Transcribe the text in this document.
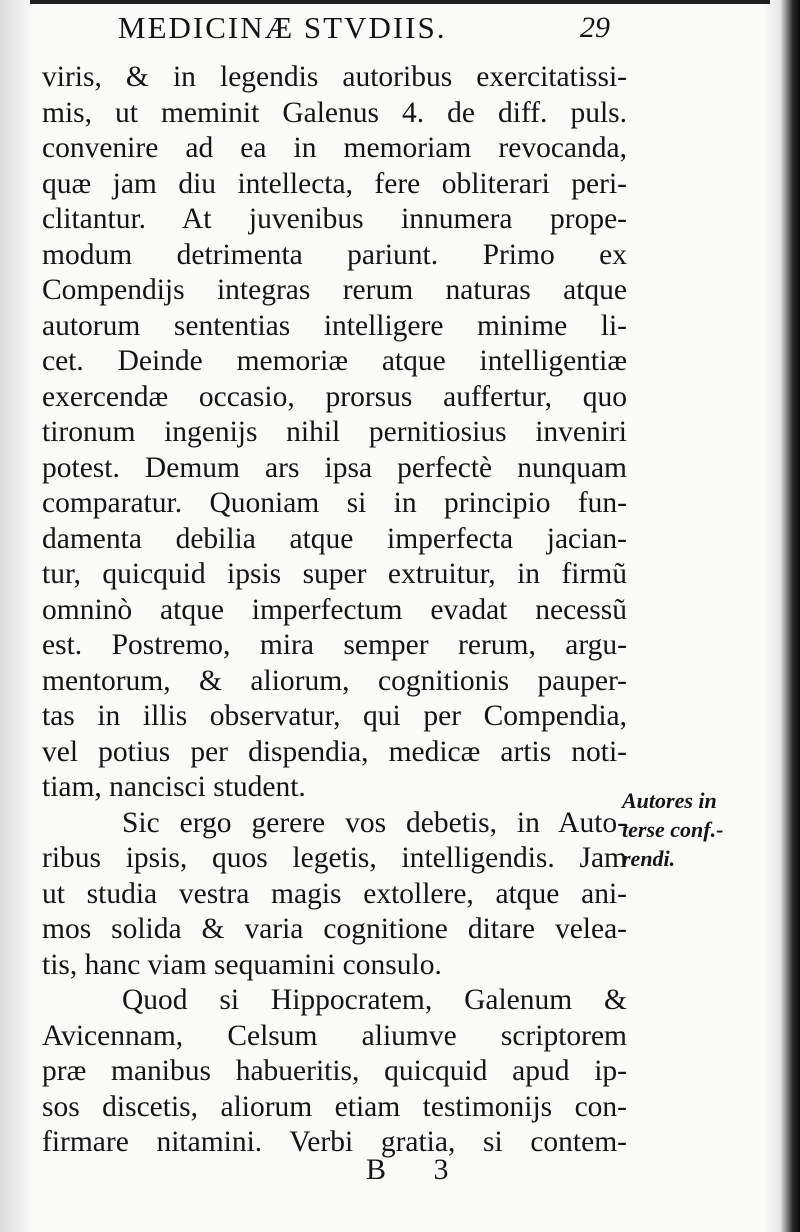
MEDICINÆ STVDIIS.	29
viris, & in legendis autoribus exercitatissi-
mis, ut meminit Galenus 4. de diff. puls.
convenire ad ea in memoriam revocanda,
quæ jam diu intellecta, fere obliterari peri-
clitantur. At juvenibus innumera prope-
modum detrimenta pariunt. Primo ex
Compendijs integras rerum naturas atque
autorum sententias intelligere minime li-
cet. Deinde memoriæ atque intelligentiæ
exercendæ occasio, prorsus auffertur, quo
tironum ingenijs nihil pernitiosius inveniri
potest. Demum ars ipsa perfectè nunquam
comparatur. Quoniam si in principio fun-
damenta debilia atque imperfecta jacian-
tur, quicquid ipsis super extruitur, in firmũ
omninò atque imperfectum evadat necessũ
est. Postremo, mira semper rerum, argu-
mentorum, & aliorum, cognitionis pauper-
tas in illis observatur, qui per Compendia,
vel potius per dispendia, medicæ artis noti-
tiam, nancisci student.
Sic ergo gerere vos debetis, in Auto-
ribus ipsis, quos legetis, intelligendis. Jam
ut studia vestra magis extollere, atque ani-
mos solida & varia cognitione ditare velea-
tis, hanc viam sequamini consulo.
Quod si Hippocratem, Galenum &
Avicennam, Celsum aliumve scriptorem
præ manibus habueritis, quicquid apud ip-
sos discetis, aliorum etiam testimonijs con-
firmare nitamini. Verbi gratia, si contem-
Autores in
terse conf.-
rendi.
B 3
